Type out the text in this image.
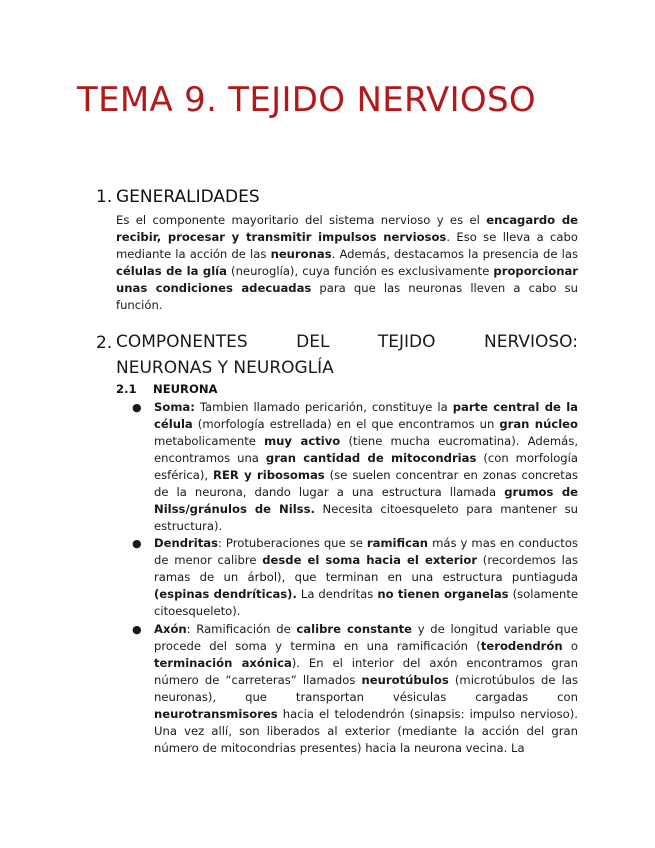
TEMA 9. TEJIDO NERVIOSO
1. GENERALIDADES
Es el componente mayoritario del sistema nervioso y es el encagardo de recibir, procesar y transmitir impulsos nerviosos. Eso se lleva a cabo mediante la acción de las neuronas. Además, destacamos la presencia de las células de la glía (neuroglía), cuya función es exclusivamente proporcionar unas condiciones adecuadas para que las neuronas lleven a cabo su función.
2. COMPONENTES	DEL	TEJIDO	NERVIOSO:
NEURONAS Y NEUROGLÍA
2.1 NEURONA
● Soma: Tambien llamado pericarión, constituye la parte central de la célula (morfología estrellada) en el que encontramos un gran núcleo metabolicamente muy activo (tiene mucha eucromatina). Además, encontramos una gran cantidad de mitocondrias (con morfología esférica), RER y ribosomas (se suelen concentrar en zonas concretas de la neurona, dando lugar a una estructura llamada grumos de Nilss/gránulos de Nilss. Necesita citoesqueleto para mantener su estructura).
● Dendritas: Protuberaciones que se ramifican más y mas en conductos de menor calibre desde el soma hacia el exterior (recordemos las ramas de un árbol), que terminan en una estructura puntiaguda (espinas dendríticas). La dendritas no tienen organelas (solamente citoesqueleto).
● Axón: Ramificación de calibre constante y de longitud variable que procede del soma y termina en una ramificación (terodendrón o terminación axónica). En el interior del axón encontramos gran número de “carreteras” llamados neurotúbulos (microtúbulos de las neuronas), que transportan vésiculas cargadas con neurotransmisores hacia el telodendrón (sinapsis: impulso nervioso). Una vez allí, son liberados al exterior (mediante la acción del gran número de mitocondrias presentes) hacia la neurona vecina. La
